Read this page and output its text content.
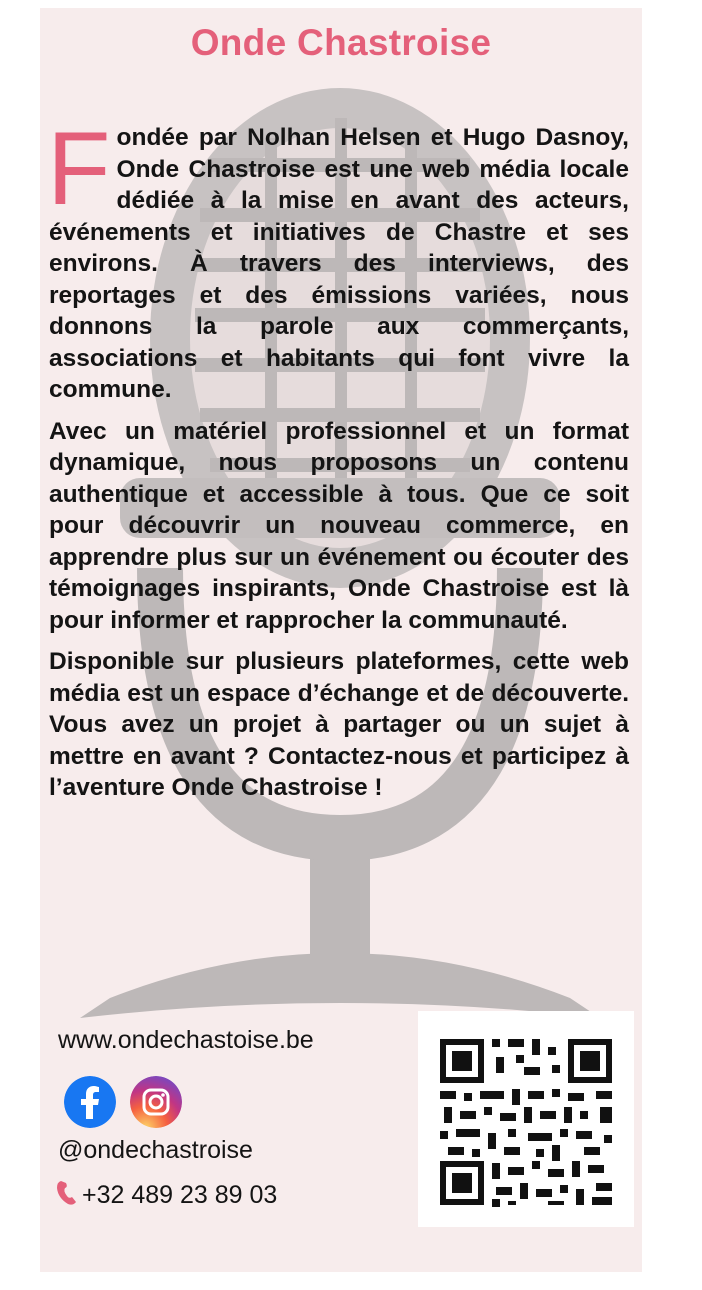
Onde Chastroise

Fondée par Nolhan Helsen et Hugo Dasnoy, Onde Chastroise est une web média locale dédiée à la mise en avant des acteurs, événements et initiatives de Chastre et ses environs. À travers des interviews, des reportages et des émissions variées, nous donnons la parole aux commerçants, associations et habitants qui font vivre la commune.

Avec un matériel professionnel et un format dynamique, nous proposons un contenu authentique et accessible à tous. Que ce soit pour découvrir un nouveau commerce, en apprendre plus sur un événement ou écouter des témoignages inspirants, Onde Chastroise est là pour informer et rapprocher la communauté.

Disponible sur plusieurs plateformes, cette web média est un espace d’échange et de découverte. Vous avez un projet à partager ou un sujet à mettre en avant ? Contactez-nous et participez à l’aventure Onde Chastroise !

www.ondechastoise.be
@ondechastroise
+32 489 23 89 03
